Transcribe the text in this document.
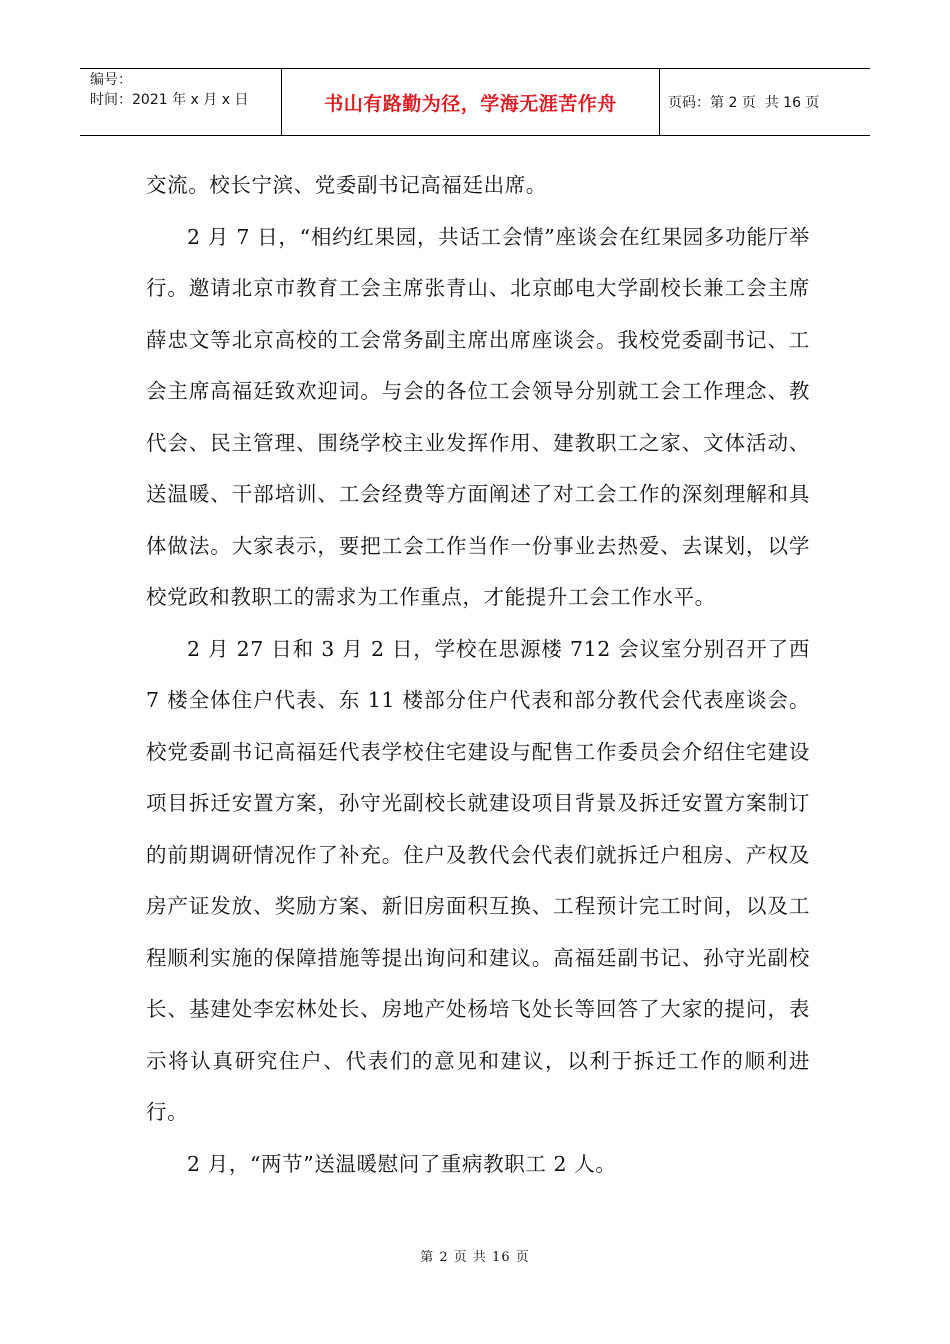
编号：
时间：2021 年 x 月 x 日	书山有路勤为径，学海无涯苦作舟	页码：第 2 页  共 16 页

交流。校长宁滨、党委副书记高福廷出席。

2 月 7 日，“相约红果园，共话工会情”座谈会在红果园多功能厅举行。邀请北京市教育工会主席张青山、北京邮电大学副校长兼工会主席薛忠文等北京高校的工会常务副主席出席座谈会。我校党委副书记、工会主席高福廷致欢迎词。与会的各位工会领导分别就工会工作理念、教代会、民主管理、围绕学校主业发挥作用、建教职工之家、文体活动、送温暖、干部培训、工会经费等方面阐述了对工会工作的深刻理解和具体做法。大家表示，要把工会工作当作一份事业去热爱、去谋划，以学校党政和教职工的需求为工作重点，才能提升工会工作水平。

2 月 27 日和 3 月 2 日，学校在思源楼 712 会议室分别召开了西 7 楼全体住户代表、东 11 楼部分住户代表和部分教代会代表座谈会。校党委副书记高福廷代表学校住宅建设与配售工作委员会介绍住宅建设项目拆迁安置方案，孙守光副校长就建设项目背景及拆迁安置方案制订的前期调研情况作了补充。住户及教代会代表们就拆迁户租房、产权及房产证发放、奖励方案、新旧房面积互换、工程预计完工时间，以及工程顺利实施的保障措施等提出询问和建议。高福廷副书记、孙守光副校长、基建处李宏林处长、房地产处杨培飞处长等回答了大家的提问，表示将认真研究住户、代表们的意见和建议，以利于拆迁工作的顺利进行。

2 月，“两节”送温暖慰问了重病教职工 2 人。

第 2 页 共 16 页
